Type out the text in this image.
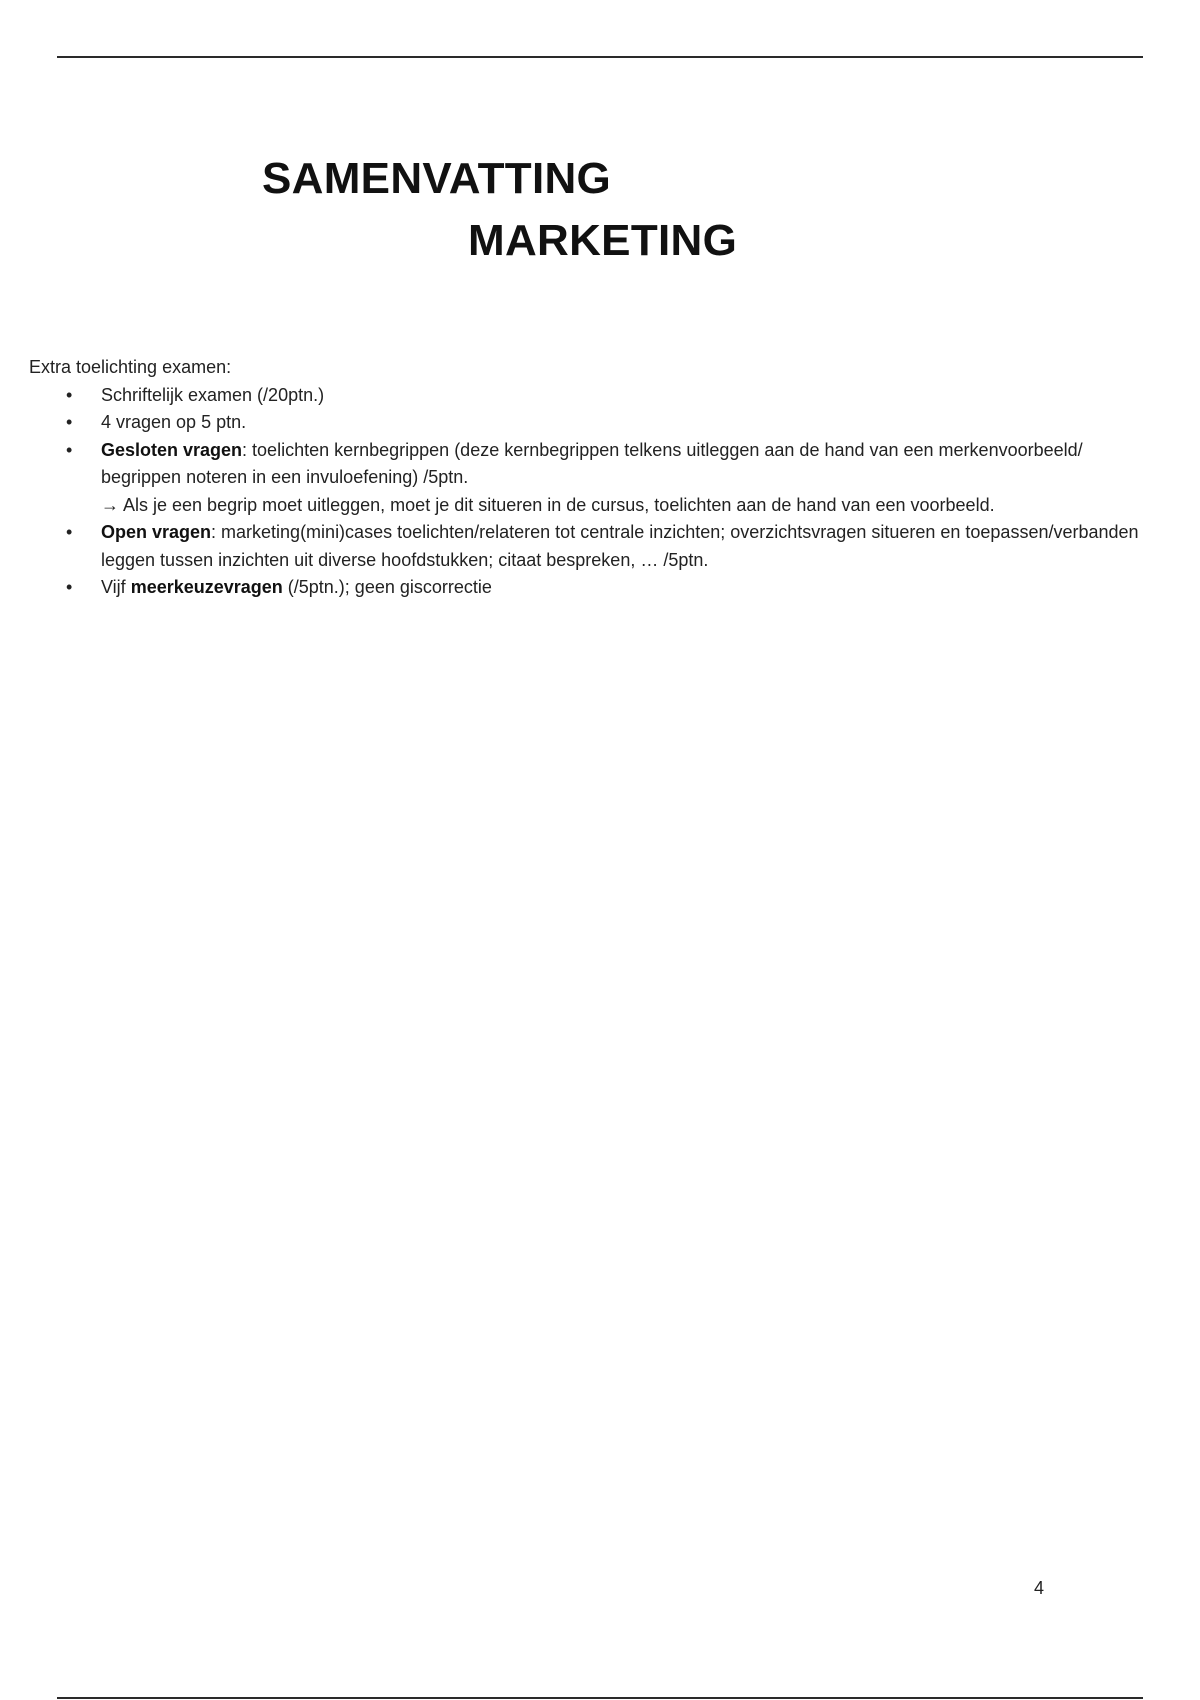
SAMENVATTING
MARKETING

Extra toelichting examen:

• Schriftelijk examen (/20ptn.)
• 4 vragen op 5 ptn.
• Gesloten vragen: toelichten kernbegrippen (deze kernbegrippen telkens uitleggen aan de hand van een merkenvoorbeeld/ begrippen noteren in een invuloefening) /5ptn.
→ Als je een begrip moet uitleggen, moet je dit situeren in de cursus, toelichten aan de hand van een voorbeeld.
• Open vragen: marketing(mini)cases toelichten/relateren tot centrale inzichten; overzichtsvragen situeren en toepassen/verbanden leggen tussen inzichten uit diverse hoofdstukken; citaat bespreken, … /5ptn.
• Vijf meerkeuzevragen (/5ptn.); geen giscorrectie
4
